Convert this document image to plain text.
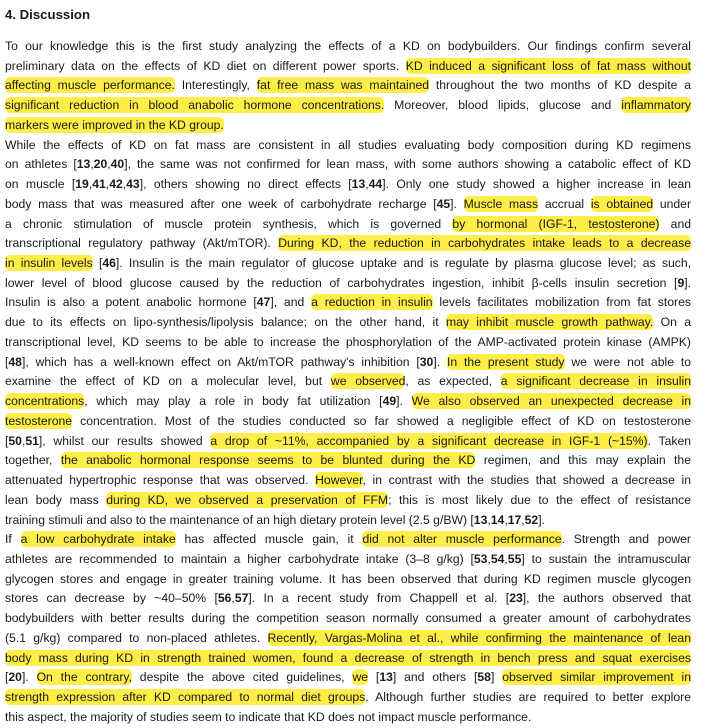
4. Discussion
To our knowledge this is the first study analyzing the effects of a KD on bodybuilders. Our findings confirm several
preliminary data on the effects of KD diet on different power sports. KD induced a significant loss of fat mass without
affecting muscle performance. Interestingly, fat free mass was maintained throughout the two months of KD despite a
significant reduction in blood anabolic hormone concentrations. Moreover, blood lipids, glucose and inflammatory
markers were improved in the KD group.
While the effects of KD on fat mass are consistent in all studies evaluating body composition during KD regimens
on athletes [13,20,40], the same was not confirmed for lean mass, with some authors showing a catabolic effect of KD
on muscle [19,41,42,43], others showing no direct effects [13,44]. Only one study showed a higher increase in lean
body mass that was measured after one week of carbohydrate recharge [45]. Muscle mass accrual is obtained under
a chronic stimulation of muscle protein synthesis, which is governed by hormonal (IGF-1, testosterone) and
transcriptional regulatory pathway (Akt/mTOR). During KD, the reduction in carbohydrates intake leads to a decrease
in insulin levels [46]. Insulin is the main regulator of glucose uptake and is regulate by plasma glucose level; as such,
lower level of blood glucose caused by the reduction of carbohydrates ingestion, inhibit β-cells insulin secretion [9].
Insulin is also a potent anabolic hormone [47], and a reduction in insulin levels facilitates mobilization from fat stores
due to its effects on lipo-synthesis/lipolysis balance; on the other hand, it may inhibit muscle growth pathway. On a
transcriptional level, KD seems to be able to increase the phosphorylation of the AMP-activated protein kinase (AMPK)
[48], which has a well-known effect on Akt/mTOR pathway's inhibition [30]. In the present study we were not able to
examine the effect of KD on a molecular level, but we observed, as expected, a significant decrease in insulin
concentrations, which may play a role in body fat utilization [49]. We also observed an unexpected decrease in
testosterone concentration. Most of the studies conducted so far showed a negligible effect of KD on testosterone
[50,51], whilst our results showed a drop of ~11%, accompanied by a significant decrease in IGF-1 (~15%). Taken
together, the anabolic hormonal response seems to be blunted during the KD regimen, and this may explain the
attenuated hypertrophic response that was observed. However, in contrast with the studies that showed a decrease in
lean body mass during KD, we observed a preservation of FFM; this is most likely due to the effect of resistance
training stimuli and also to the maintenance of an high dietary protein level (2.5 g/BW) [13,14,17,52].
If a low carbohydrate intake has affected muscle gain, it did not alter muscle performance. Strength and power
athletes are recommended to maintain a higher carbohydrate intake (3–8 g/kg) [53,54,55] to sustain the intramuscular
glycogen stores and engage in greater training volume. It has been observed that during KD regimen muscle glycogen
stores can decrease by ~40–50% [56,57]. In a recent study from Chappell et al. [23], the authors observed that
bodybuilders with better results during the competition season normally consumed a greater amount of carbohydrates
(5.1 g/kg) compared to non-placed athletes. Recently, Vargas-Molina et al., while confirming the maintenance of lean
body mass during KD in strength trained women, found a decrease of strength in bench press and squat exercises
[20]. On the contrary, despite the above cited guidelines, we [13] and others [58] observed similar improvement in
strength expression after KD compared to normal diet groups. Although further studies are required to better explore
this aspect, the majority of studies seem to indicate that KD does not impact muscle performance.
